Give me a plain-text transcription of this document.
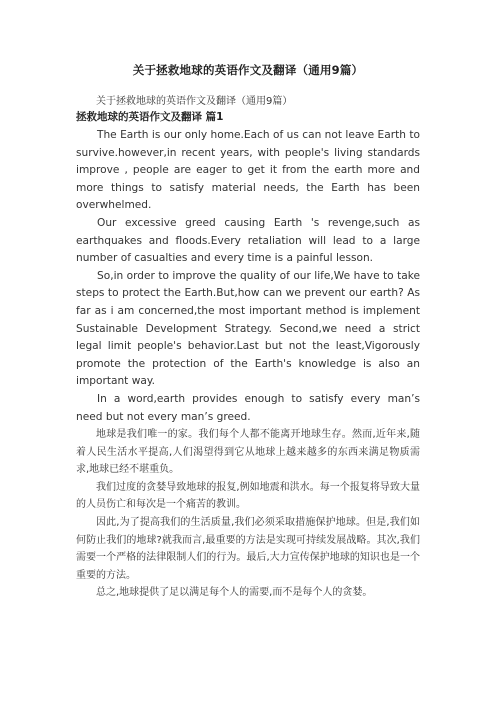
关于拯救地球的英语作文及翻译（通用9篇）
关于拯救地球的英语作文及翻译（通用9篇）
拯救地球的英语作文及翻译 篇1

The Earth is our only home.Each of us can not leave Earth to survive.however,in recent years, with people's living standards improve , people are eager to get it from the earth more and more things to satisfy material needs, the Earth has been overwhelmed.

Our excessive greed causing Earth 's revenge,such as earthquakes and floods.Every retaliation will lead to a large number of casualties and every time is a painful lesson.

So,in order to improve the quality of our life,We have to take steps to protect the Earth.But,how can we prevent our earth? As far as i am concerned,the most important method is implement Sustainable Development Strategy. Second,we need a strict legal limit people's behavior.Last but not the least,Vigorously promote the protection of the Earth's knowledge is also an important way.

In a word,earth provides enough to satisfy every man’s need but not every man’s greed.

地球是我们唯一的家。我们每个人都不能离开地球生存。然而,近年来,随着人民生活水平提高,人们渴望得到它从地球上越来越多的东西来满足物质需求,地球已经不堪重负。

我们过度的贪婪导致地球的报复,例如地震和洪水。每一个报复将导致大量的人员伤亡和每次是一个痛苦的教训。

因此,为了提高我们的生活质量,我们必须采取措施保护地球。但是,我们如何防止我们的地球?就我而言,最重要的方法是实现可持续发展战略。其次,我们需要一个严格的法律限制人们的行为。最后,大力宣传保护地球的知识也是一个重要的方法。

总之,地球提供了足以满足每个人的需要,而不是每个人的贪婪。
